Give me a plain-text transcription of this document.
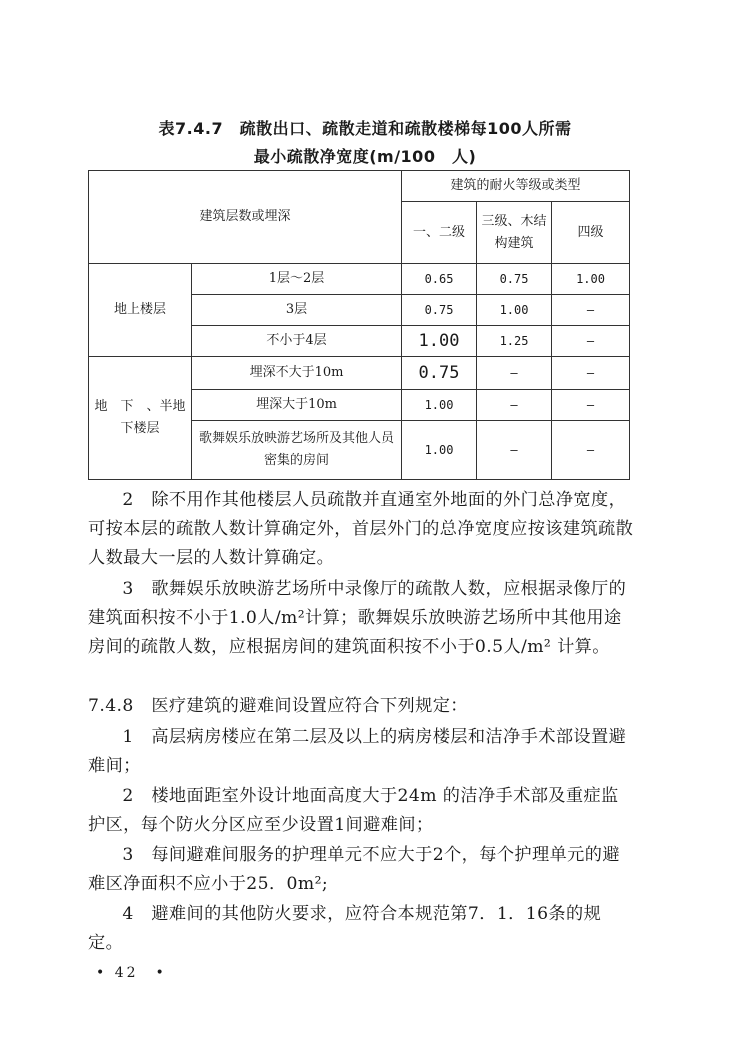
表7.4.7　疏散出口、疏散走道和疏散楼梯每100人所需
最小疏散净宽度(m/100　人)
建筑层数或埋深		建筑的耐火等级或类型		
		一、二级	三级、木结构建筑	四级
地上楼层	1层～2层	0.65	0.75	1.00
	3层	0.75	1.00	—
	不小于4层	1.00	1.25	—
地　下　、半地下楼层	埋深不大于10m	0.75	—	—
	埋深大于10m	1.00	—	—
	歌舞娱乐放映游艺场所及其他人员密集的房间	1.00	—	—

2　除不用作其他楼层人员疏散并直通室外地面的外门总净宽度，可按本层的疏散人数计算确定外，首层外门的总净宽度应按该建筑疏散人数最大一层的人数计算确定。

3　歌舞娱乐放映游艺场所中录像厅的疏散人数，应根据录像厅的建筑面积按不小于1.0人/m²计算；歌舞娱乐放映游艺场所中其他用途房间的疏散人数，应根据房间的建筑面积按不小于0.5人/m² 计算。

7.4.8　医疗建筑的避难间设置应符合下列规定：

1　高层病房楼应在第二层及以上的病房楼层和洁净手术部设置避难间；

2　楼地面距室外设计地面高度大于24m 的洁净手术部及重症监护区，每个防火分区应至少设置1间避难间；

3　每间避难间服务的护理单元不应大于2个，每个护理单元的避难区净面积不应小于25．0m²;

4　避难间的其他防火要求，应符合本规范第7．1．16条的规定。

• 42　•
